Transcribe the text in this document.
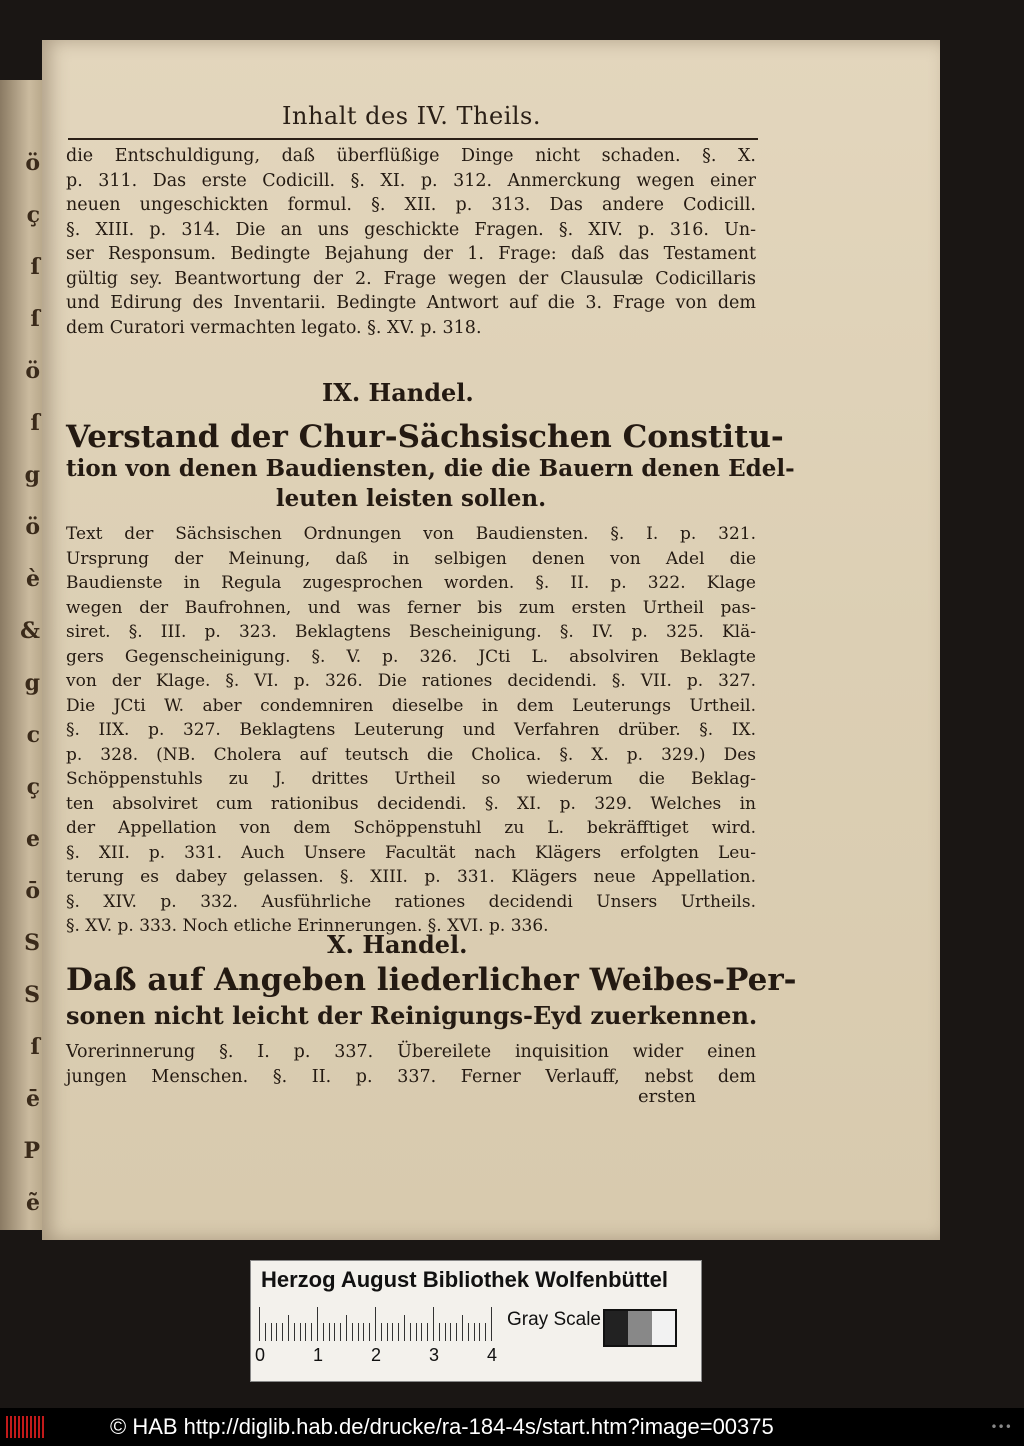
ö
ç
ſ
ſ
ö
ſ
g
ö
è
&
g
c
ç
e
ō
S
S
ſ
ē
P
ẽ
Inhalt des IV. Theils.
die Entschuldigung, daß überflüßige Dinge nicht schaden. §. X.
p. 311. Das erste Codicill. §. XI. p. 312. Anmerckung wegen einer
neuen ungeschickten formul. §. XII. p. 313. Das andere Codicill.
§. XIII. p. 314. Die an uns geschickte Fragen. §. XIV. p. 316. Un-
ser Responsum. Bedingte Bejahung der 1. Frage: daß das Testament
gültig sey. Beantwortung der 2. Frage wegen der Clausulæ Codicillaris
und Edirung des Inventarii. Bedingte Antwort auf die 3. Frage von dem
dem Curatori vermachten legato. §. XV. p. 318.
IX. Handel.
Verstand der Chur-Sächsischen Constitu-
tion von denen Baudiensten, die die Bauern denen Edel-
leuten leisten sollen.
Text der Sächsischen Ordnungen von Baudiensten. §. I. p. 321.
Ursprung der Meinung, daß in selbigen denen von Adel die
Baudienste in Regula zugesprochen worden. §. II. p. 322. Klage
wegen der Baufrohnen, und was ferner bis zum ersten Urtheil pas-
siret. §. III. p. 323. Beklagtens Bescheinigung. §. IV. p. 325. Klä-
gers Gegenscheinigung. §. V. p. 326. JCti L. absolviren Beklagte
von der Klage. §. VI. p. 326. Die rationes decidendi. §. VII. p. 327.
Die JCti W. aber condemniren dieselbe in dem Leuterungs Urtheil.
§. IIX. p. 327. Beklagtens Leuterung und Verfahren drüber. §. IX.
p. 328. (NB. Cholera auf teutsch die Cholica. §. X. p. 329.) Des
Schöppenstuhls zu J. drittes Urtheil so wiederum die Beklag-
ten absolviret cum rationibus decidendi. §. XI. p. 329. Welches in
der Appellation von dem Schöppenstuhl zu L. bekräfftiget wird.
§. XII. p. 331. Auch Unsere Facultät nach Klägers erfolgten Leu-
terung es dabey gelassen. §. XIII. p. 331. Klägers neue Appellation.
§. XIV. p. 332. Ausführliche rationes decidendi Unsers Urtheils.
§. XV. p. 333. Noch etliche Erinnerungen. §. XVI. p. 336.
X. Handel.
Daß auf Angeben liederlicher Weibes-Per-
sonen nicht leicht der Reinigungs-Eyd zuerkennen.
Vorerinnerung §. I. p. 337. Übereilete inquisition wider einen
jungen Menschen. §. II. p. 337. Ferner Verlauff, nebst dem
ersten
Herzog August Bibliothek Wolfenbüttel
Gray Scale
0	1	2	3	4
© HAB http://diglib.hab.de/drucke/ra-184-4s/start.htm?image=00375	•••
